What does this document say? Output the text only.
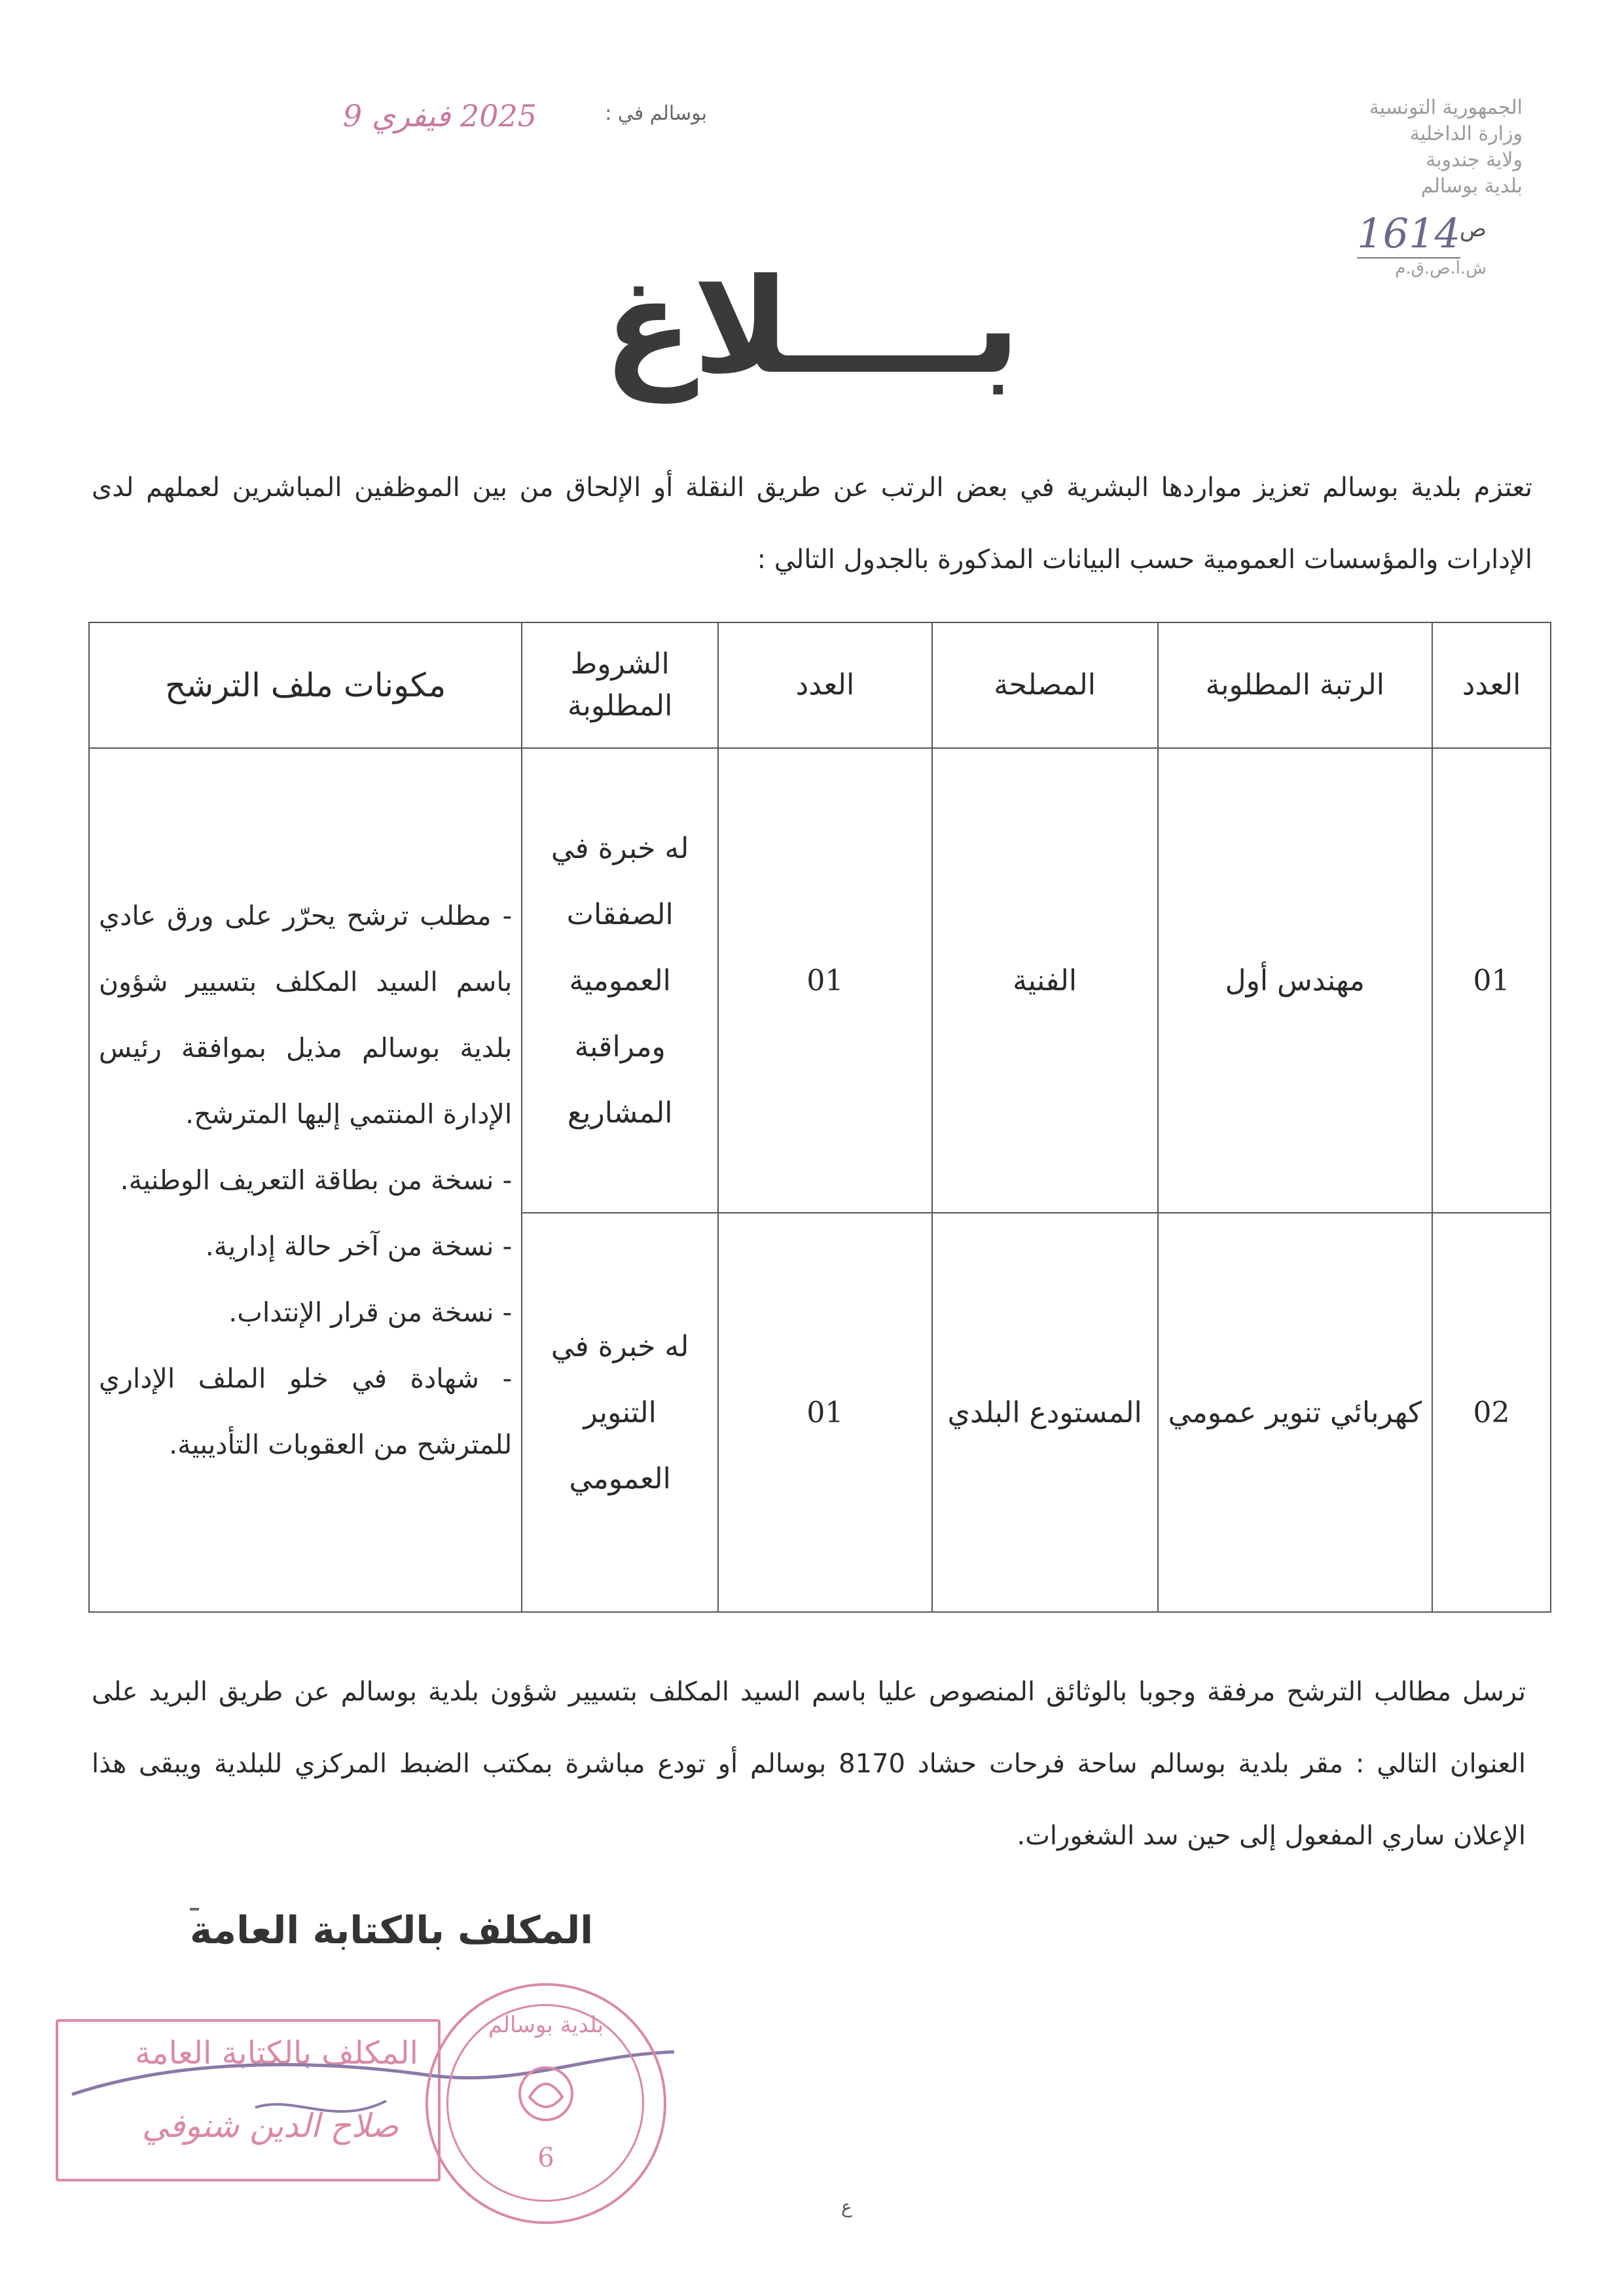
الجمهورية التونسية
وزارة الداخلية
ولاية جندوبة
بلدية بوسالم
ص
1614
ش.ا.ص.ق.م
بوسالم في :
2025 فيفري 9
بــــلاغ
تعتزم بلدية بوسالم تعزيز مواردها البشرية في بعض الرتب عن طريق النقلة أو الإلحاق من بين الموظفين المباشرين لعملهم لدى الإدارات والمؤسسات العمومية حسب البيانات المذكورة بالجدول التالي :
العدد	الرتبة المطلوبة	المصلحة	العدد	الشروط المطلوبة	مكونات ملف الترشح
01	مهندس أول	الفنية	01	له خبرة في الصفقات العمومية ومراقبة المشاريع	- مطلب ترشح يحرّر على ورق عادي باسم السيد المكلف بتسيير شؤون بلدية بوسالم مذيل بموافقة رئيس الإدارة المنتمي إليها المترشح.
- نسخة من بطاقة التعريف الوطنية.
- نسخة من آخر حالة إدارية.
- نسخة من قرار الإنتداب.
- شهادة في خلو الملف الإداري للمترشح من العقوبات التأديبية.

02	كهربائي تنوير عمومي	المستودع البلدي	01	له خبرة في التنوير العمومي	
ترسل مطالب الترشح مرفقة وجوبا بالوثائق المنصوص عليا باسم السيد المكلف بتسيير شؤون بلدية بوسالم عن طريق البريد على العنوان التالي : مقر بلدية بوسالم ساحة فرحات حشاد 8170 بوسالم أو تودع مباشرة بمكتب الضبط المركزي للبلدية ويبقى هذا الإعلان ساري المفعول إلى حين سد الشغورات.
المكلف بالكتابة العامة
المكلف بالكتابة العامة
صلاح الدين شنوفي
بلدية بوسالم
6
ع
